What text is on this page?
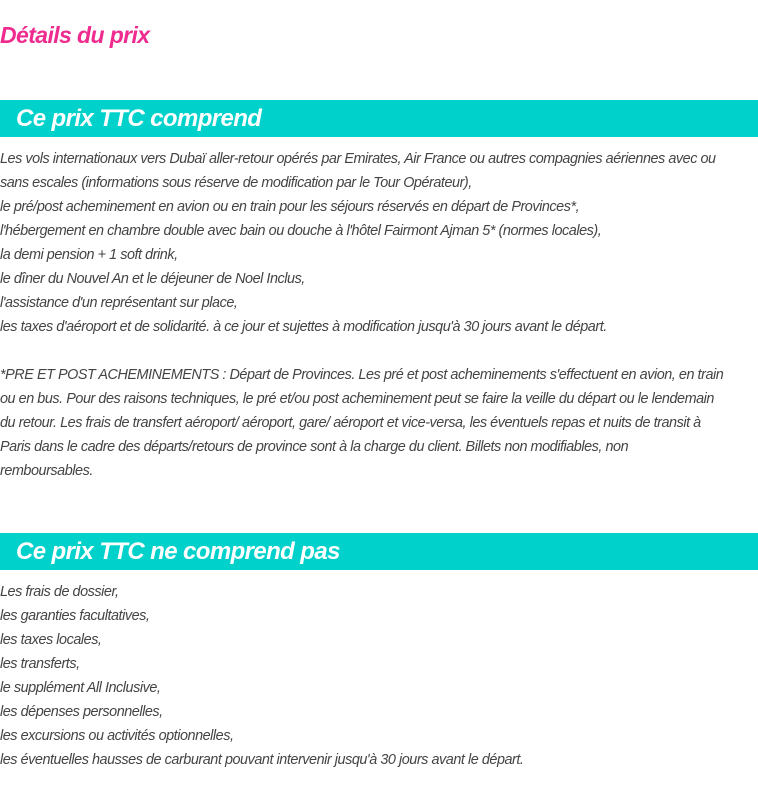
Détails du prix
Ce prix TTC comprend
Les vols internationaux vers Dubaï aller-retour opérés par Emirates, Air France ou autres compagnies aériennes avec ou
sans escales (informations sous réserve de modification par le Tour Opérateur),
le pré/post acheminement en avion ou en train pour les séjours réservés en départ de Provinces*,
l'hébergement en chambre double avec bain ou douche à l'hôtel Fairmont Ajman 5* (normes locales),
la demi pension + 1 soft drink,
le dîner du Nouvel An et le déjeuner de Noel Inclus,
l'assistance d'un représentant sur place,
les taxes d'aéroport et de solidarité. à ce jour et sujettes à modification jusqu'à 30 jours avant le départ.
*PRE ET POST ACHEMINEMENTS : Départ de Provinces. Les pré et post acheminements s'effectuent en avion, en train
ou en bus. Pour des raisons techniques, le pré et/ou post acheminement peut se faire la veille du départ ou le lendemain
du retour. Les frais de transfert aéroport/ aéroport, gare/ aéroport et vice-versa, les éventuels repas et nuits de transit à
Paris dans le cadre des départs/retours de province sont à la charge du client. Billets non modifiables, non
remboursables.
Ce prix TTC ne comprend pas
Les frais de dossier,
les garanties facultatives,
les taxes locales,
les transferts,
le supplément All Inclusive,
les dépenses personnelles,
les excursions ou activités optionnelles,
les éventuelles hausses de carburant pouvant intervenir jusqu'à 30 jours avant le départ.
